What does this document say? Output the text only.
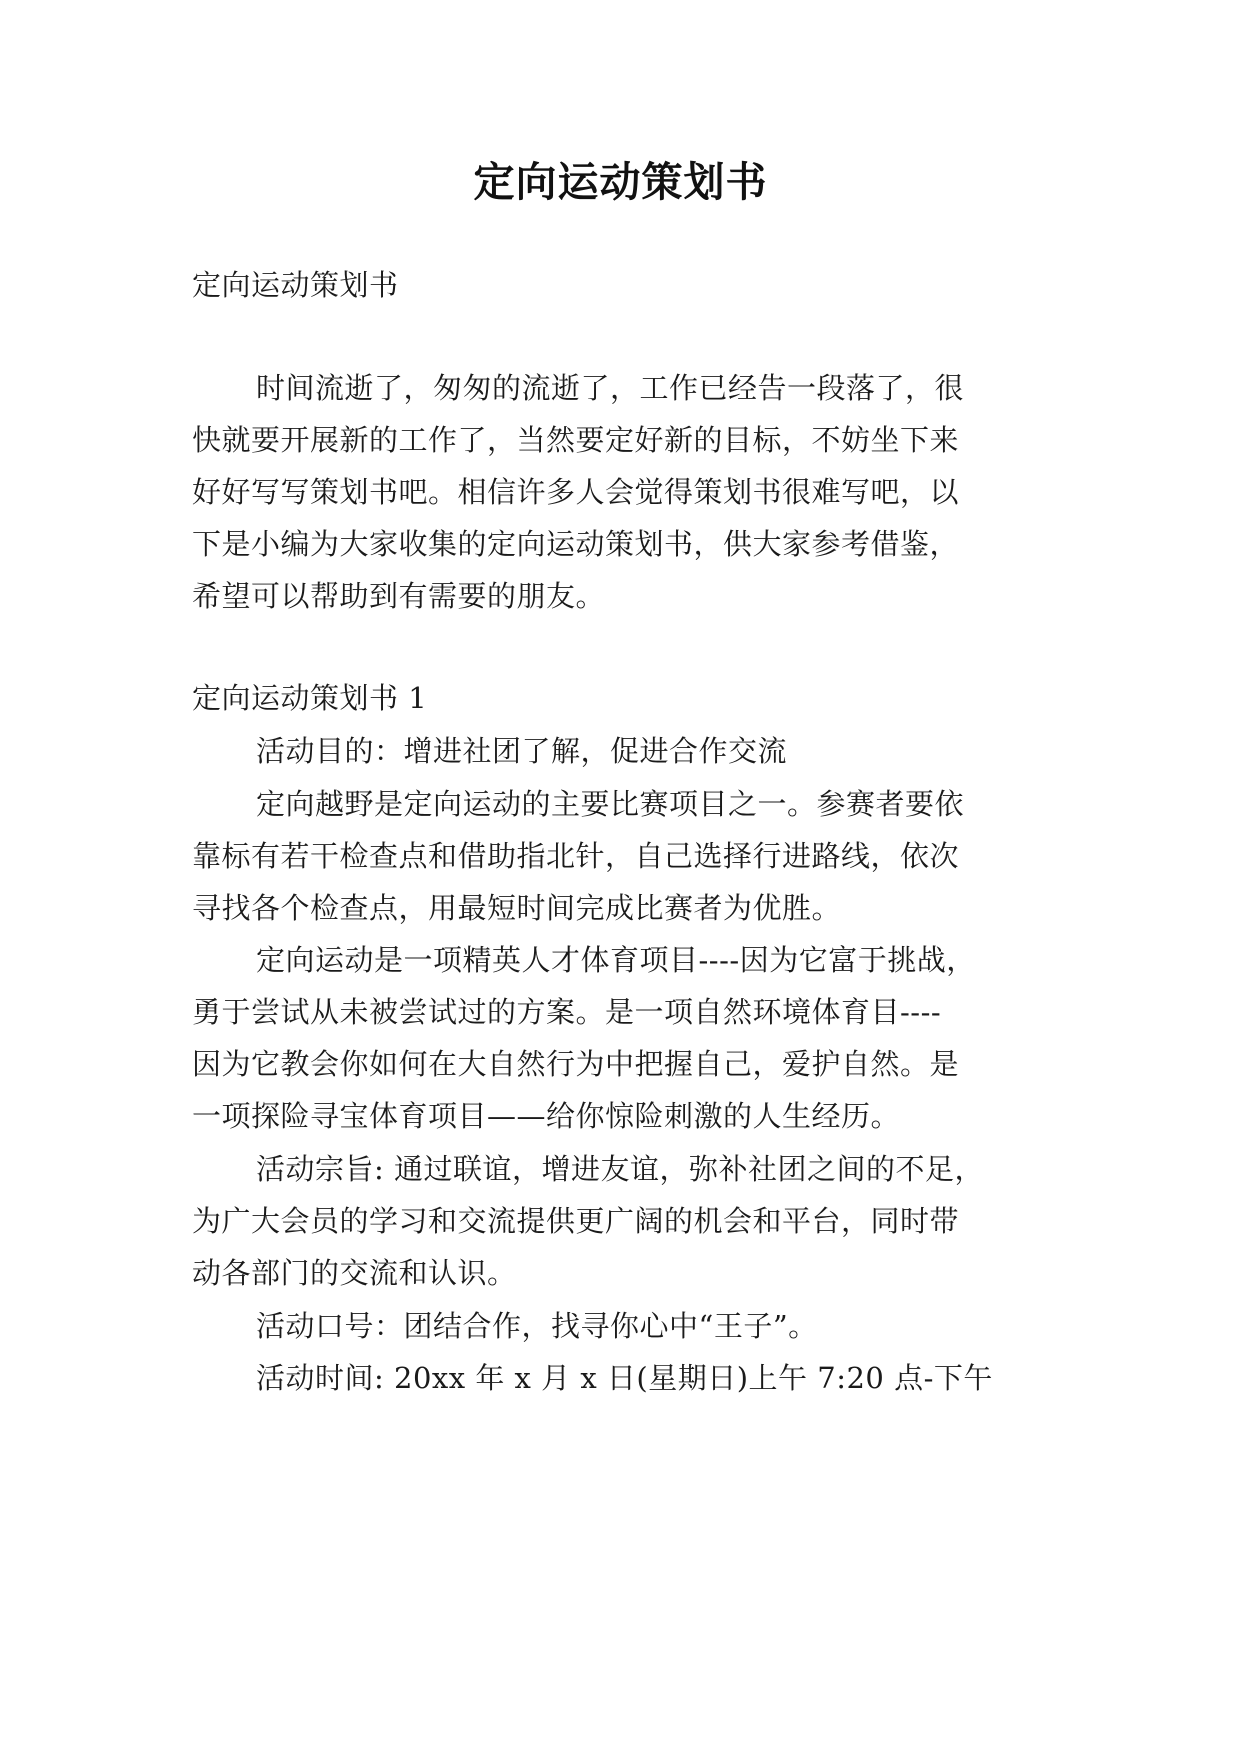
定向运动策划书

定向运动策划书

时间流逝了，匆匆的流逝了，工作已经告一段落了，很

快就要开展新的工作了，当然要定好新的目标，不妨坐下来

好好写写策划书吧。相信许多人会觉得策划书很难写吧，以

下是小编为大家收集的定向运动策划书，供大家参考借鉴，

希望可以帮助到有需要的朋友。

定向运动策划书 1

活动目的：增进社团了解，促进合作交流

定向越野是定向运动的主要比赛项目之一。参赛者要依

靠标有若干检查点和借助指北针，自己选择行进路线，依次

寻找各个检查点，用最短时间完成比赛者为优胜。

定向运动是一项精英人才体育项目----因为它富于挑战，

勇于尝试从未被尝试过的方案。是一项自然环境体育目----

因为它教会你如何在大自然行为中把握自己，爱护自然。是

一项探险寻宝体育项目——给你惊险刺激的人生经历。

活动宗旨: 通过联谊，增进友谊，弥补社团之间的不足，

为广大会员的学习和交流提供更广阔的机会和平台，同时带

动各部门的交流和认识。

活动口号：团结合作，找寻你心中“王子”。

活动时间: 20xx 年 x 月 x 日(星期日)上午 7:20 点-下午
